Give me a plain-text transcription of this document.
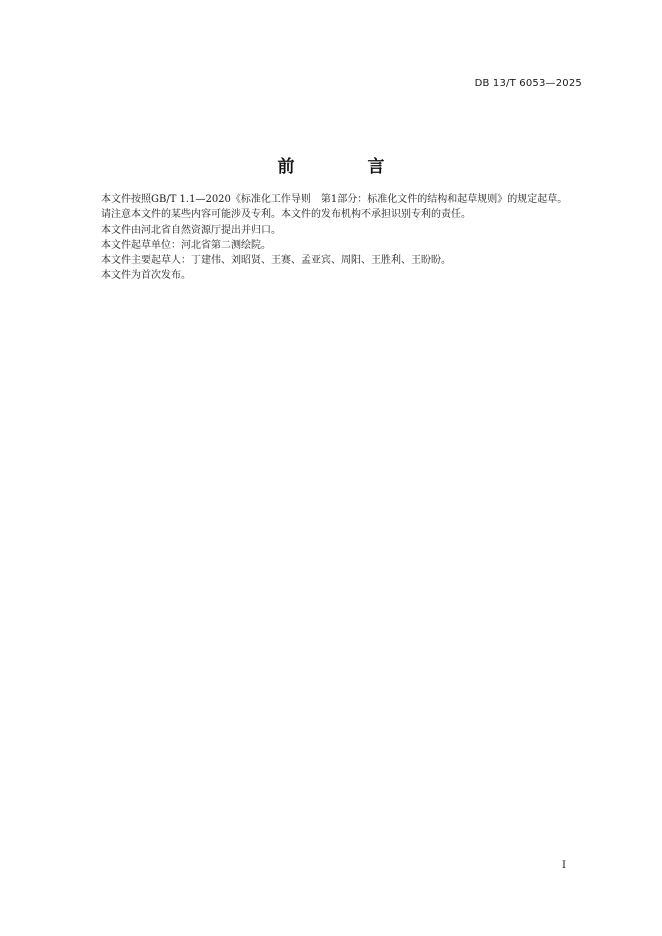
DB 13/T 6053—2025
前　言

本文件按照GB/T 1.1—2020《标准化工作导则　第1部分：标准化文件的结构和起草规则》的规定起草。

请注意本文件的某些内容可能涉及专利。本文件的发布机构不承担识别专利的责任。

本文件由河北省自然资源厅提出并归口。

本文件起草单位：河北省第二测绘院。

本文件主要起草人：丁建伟、刘昭贤、王赛、孟亚宾、周阳、王胜利、王盼盼。

本文件为首次发布。

I
